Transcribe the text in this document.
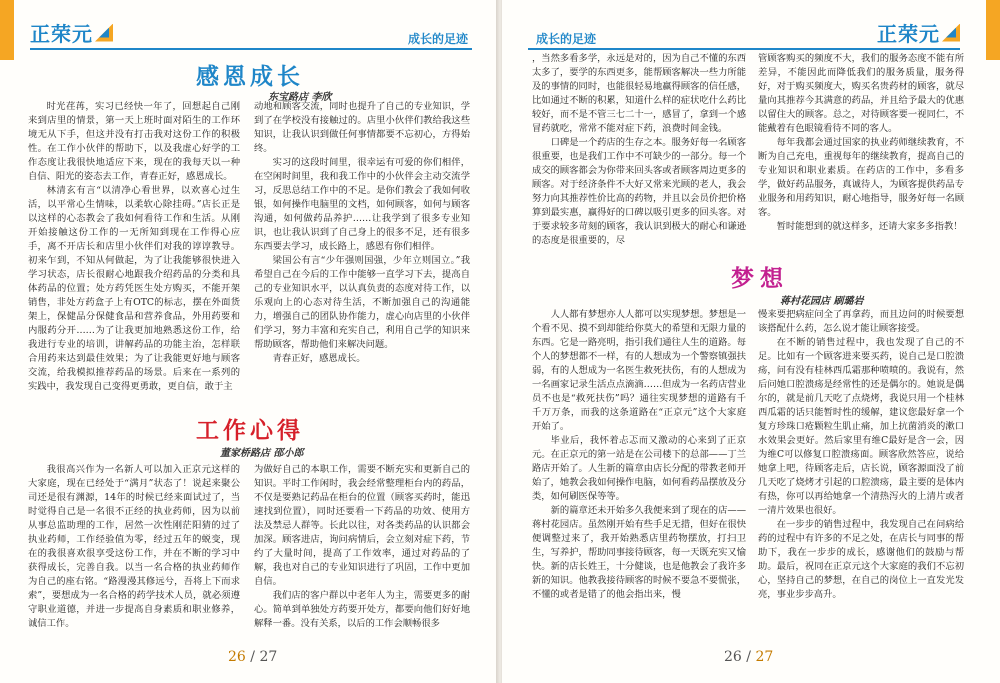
正荣元	成长的足迹
感恩成长
东宝路店 李欣

时光荏苒，实习已经快一年了，回想起自己刚来到店里的情景，第一天上班时面对陌生的工作环境无从下手，但这并没有打击我对这份工作的积极性。在工作小伙伴的帮助下，以及我虚心好学的工作态度让我很快地适应下来，现在的我每天以一种自信、阳光的姿态去工作，青春正好，感恩成长。

林清玄有言“以清净心看世界，以欢喜心过生活，以平常心生情味，以柔软心除挂碍。”店长正是以这样的心态教会了我如何看待工作和生活。从刚开始接触这份工作的一无所知到现在工作得心应手，离不开店长和店里小伙伴们对我的谆谆教导。初来乍到，不知从何做起，为了让我能够很快进入学习状态，店长很耐心地跟我介绍药品的分类和具体药品的位置；处方药凭医生处方购买，不能开架销售，非处方药盒子上有OTC的标志，摆在外面货架上，保健品分保健食品和营养食品，外用药要和内服药分开……为了让我更加地熟悉这份工作，给我进行专业的培训，讲解药品的功能主治，怎样联合用药来达到最佳效果；为了让我能更好地与顾客交流，给我模拟推荐药品的场景。后来在一系列的实践中，我发现自己变得更勇敢，更自信，敢于主

动地和顾客交流，同时也提升了自己的专业知识，学到了在学校没有接触过的。店里小伙伴们教给我这些知识，让我认识到做任何事情都要不忘初心，方得始终。

实习的这段时间里，很幸运有可爱的你们相伴，在空闲时间里，我和我工作中的小伙伴会主动交流学习，反思总结工作中的不足。是你们教会了我如何收银，如何操作电脑里的文档，如何顾客，如何与顾客沟通，如何做药品养护……让我学到了很多专业知识，也让我认识到了自己身上的很多不足，还有很多东西要去学习，成长路上，感恩有你们相伴。

梁国公有言“少年强则国强，少年立则国立。”我希望自己在今后的工作中能够一直学习下去，提高自己的专业知识水平，以认真负责的态度对待工作，以乐观向上的心态对待生活，不断加强自己的沟通能力，增强自己的团队协作能力，虚心向店里的小伙伴们学习，努力丰富和充实自己，利用自己学的知识来帮助顾客，帮助他们来解决问题。

青春正好，感恩成长。

工作心得
董家桥路店 邵小郎

我很高兴作为一名新人可以加入正京元这样的大家庭，现在已经处于“满月”状态了！说起来聚公司还是很有渊源，14年的时候已经来面试过了，当时觉得自己是一名很不正经的执业药师，因为以前从事总监助理的工作，居然一次性刚茫阳猜的过了执业药师，工作经验值为零，经过五年的蜕变，现在的我很喜欢很享受这份工作，并在不断的学习中获得成长，完善自我。以当一名合格的执业药师作为自己的座右铭。“路漫漫其修远兮，吾将上下而求索”，要想成为一名合格的药学技术人员，就必须遵守职业道德，并进一步提高自身素质和职业修养，诚信工作。

为做好自己的本职工作，需要不断充实和更新自己的知识。平时工作闲时，我会经常整理柜台内的药品，不仅是要熟记药品在柜台的位置（顾客买药时，能迅速找到位置），同时还要看一下药品的功效、使用方法及禁忌人群等。长此以往，对各类药品的认识都会加深。顾客进店，询问病情后，会立刻对症下药，节约了大量时间，提高了工作效率，通过对药品的了解，我也对自己的专业知识进行了巩固，工作中更加自信。

我们店的客户群以中老年人为主，需要更多的耐心。简单到单独处方药要开处方，都要向他们好好地解释一番。没有关系，以后的工作会顺畅很多

26 / 27
正荣元
成长的足迹

，当然多看多学，永远是对的，因为自己不懂的东西太多了，要学的东西更多，能帮顾客解决一些力所能及的事情的同时，也能很轻易地赢得顾客的信任感，比如通过不断的积累，知道什么样的症状吃什么药比较好，而不是不管三七二十一，感冒了，拿到一个感冒药就吃，常常不能对症下药，浪费时间金钱。

口碑是一个药店的生存之本。服务好每一名顾客很重要，也是我们工作中不可缺少的一部分。每一个成交的顾客都会为你带来回头客或者顾客周边更多的顾客。对于经济条件不大好又常来光顾的老人，我会努力向其推荐性价比高的药物，并且以会员价把价格算到最实惠，赢得好的口碑以吸引更多的回头客。对于要求较多苛刻的顾客，我认识到极大的耐心和谦逊的态度是很重要的，尽

管顾客购买的频度不大，我们的服务态度不能有所差异，不能因此而降低我们的服务质量，服务得好，对于购买频度大，购买名贵药材的顾客，就尽量向其推荐今其满意的药品，并且给予最大的优惠以留住大的顾客。总之，对待顾客要一视同仁，不能戴着有色眼镜看待不同的客人。

每年我都会通过国家的执业药师继续教育，不断为自己充电，重视每年的继续教育，提高自己的专业知识和职业素质。在药店的工作中，多看多学，做好药品服务，真诚待人，为顾客提供药品专业服务和用药知识，耐心地指导，服务好每一名顾客。

暂时能想到的就这样多，还请大家多多指教！

梦想
蒋村花园店 刷璐岩

人人都有梦想亦人人都可以实现梦想。梦想是一个看不见、摸不到却能给你莫大的希望和无限力量的东西。它是一路亮明，指引我们通往人生的道路。每个人的梦想都不一样，有的人想成为一个警察镇强扶弱，有的人想成为一名医生救死扶伤，有的人想成为一名画家记录生活点点滴滴……但成为一名药店营业员不也是“救死扶伤”吗？通往实现梦想的道路有千千万万条，而我的这条道路在“正京元”这个大家庭开始了。

毕业后，我怀着忐忑而又激动的心来到了正京元。在正京元的第一站是在公司楼下的总部——丁兰路店开始了。人生新的篇章由店长分配的带教老师开始了，她教会我如何操作电脑，如何看药品摆放及分类，如何刷医保等等。

新的篇章还未开始多久我便来到了现在的店——蒋村花园店。虽然刚开始有些手足无措，但好在很快便调整过来了，我开始熟悉店里药物摆放，打扫卫生，写养护，帮助同事接待顾客，每一天既充实又愉快。新的店长姓王，十分健谈，也是他教会了我许多新的知识。他教我接待顾客的时候不要急不要慌张，不懂的或者是错了的他会指出来，慢

慢来要把病症问全了再拿药，而且边问的时候要想该搭配什么药，怎么说才能让顾客接受。

在不断的销售过程中，我也发现了自己的不足。比如有一个顾客进来要买药，说自己是口腔溃疡，问有没有桂林西瓜霜那种喷喷的。我说有，然后问她口腔溃疡是经常性的还是偶尔的。她说是偶尔的，就是前几天吃了点烧烤，我说只用一个桂林西瓜霜的话只能暂时性的缓解，建议您最好拿一个复方珍珠口疮颗粒生肌止痛，加上抗菌消炎的漱口水效果会更好。然后家里有维C最好是含一会，因为维C可以修复口腔溃疡面。顾客欣然答应，说给她拿上吧，待顾客走后，店长说，顾客源面没了前几天吃了烧烤才引起的口腔溃疡，最主要的是体内有热，你可以再给她拿一个清热泻火的上清片或者一清片效果也很好。

在一步步的销售过程中，我发现自己在问病给药的过程中有许多的不足之处，在店长与同事的帮助下，我在一步步的成长，感谢他们的鼓励与帮助。最后，祝同在正京元这个大家庭的我们不忘初心，坚持自己的梦想，在自己的岗位上一直发光发亮，事业步步高升。

26 / 27
